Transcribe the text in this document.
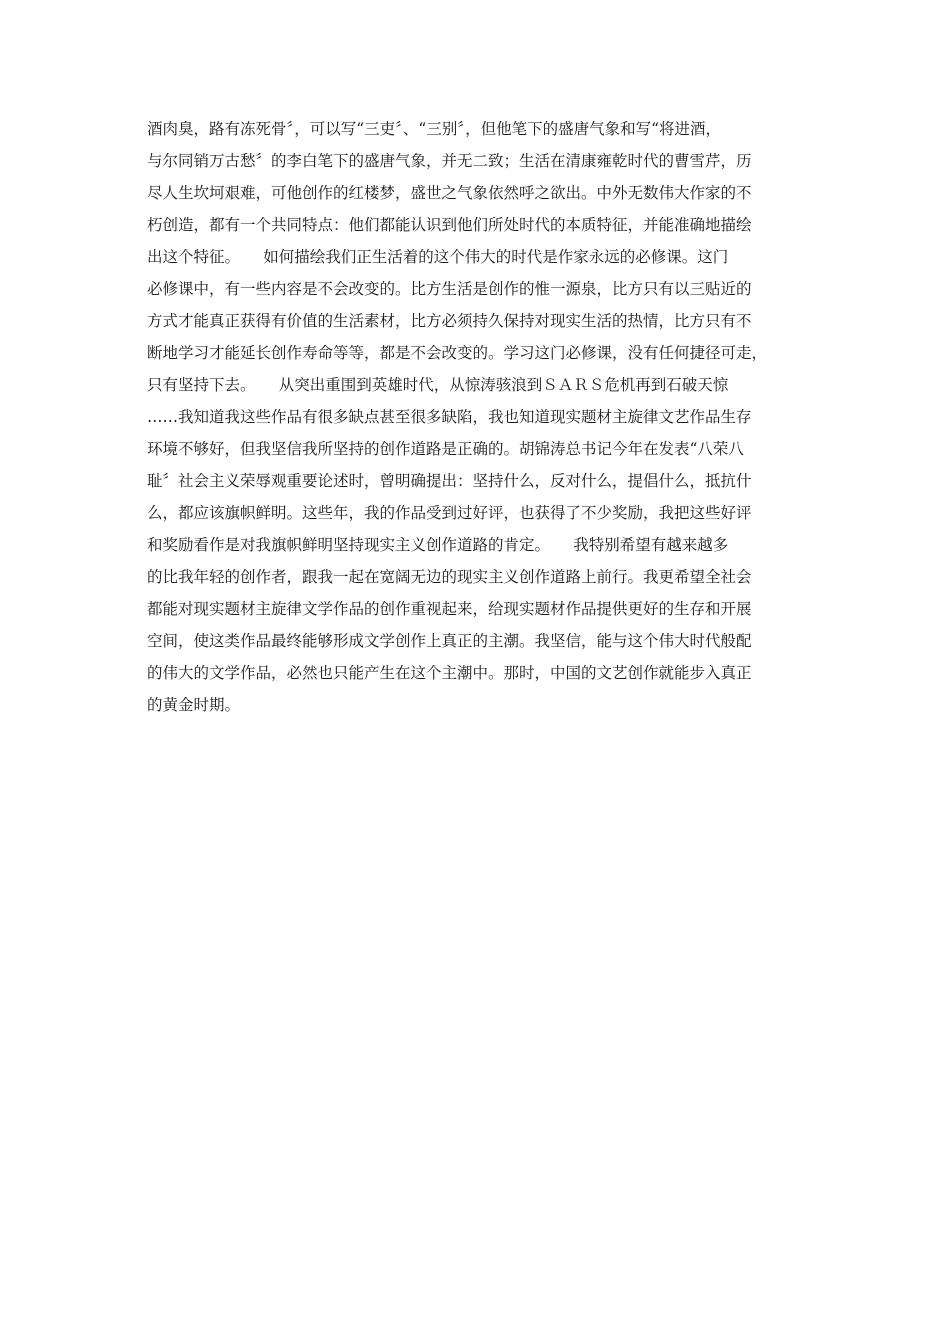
酒肉臭，路有冻死骨〞，可以写“三吏〞、“三别〞，但他笔下的盛唐气象和写“将进酒，
与尔同销万古愁〞的李白笔下的盛唐气象，并无二致；生活在清康雍乾时代的曹雪芹，历
尽人生坎坷艰难，可他创作的红楼梦，盛世之气象依然呼之欲出。中外无数伟大作家的不
朽创造，都有一个共同特点：他们都能认识到他们所处时代的本质特征，并能准确地描绘
出这个特征。　　如何描绘我们正生活着的这个伟大的时代是作家永远的必修课。这门
必修课中，有一些内容是不会改变的。比方生活是创作的惟一源泉，比方只有以三贴近的
方式才能真正获得有价值的生活素材，比方必须持久保持对现实生活的热情，比方只有不
断地学习才能延长创作寿命等等，都是不会改变的。学习这门必修课，没有任何捷径可走，
只有坚持下去。　　从突出重围到英雄时代，从惊涛骇浪到ＳＡＲＳ危机再到石破天惊
……我知道我这些作品有很多缺点甚至很多缺陷，我也知道现实题材主旋律文艺作品生存
环境不够好，但我坚信我所坚持的创作道路是正确的。胡锦涛总书记今年在发表“八荣八
耻〞社会主义荣辱观重要论述时，曾明确提出：坚持什么，反对什么，提倡什么，抵抗什
么，都应该旗帜鲜明。这些年，我的作品受到过好评，也获得了不少奖励，我把这些好评
和奖励看作是对我旗帜鲜明坚持现实主义创作道路的肯定。　　我特别希望有越来越多
的比我年轻的创作者，跟我一起在宽阔无边的现实主义创作道路上前行。我更希望全社会
都能对现实题材主旋律文学作品的创作重视起来，给现实题材作品提供更好的生存和开展
空间，使这类作品最终能够形成文学创作上真正的主潮。我坚信，能与这个伟大时代般配
的伟大的文学作品，必然也只能产生在这个主潮中。那时，中国的文艺创作就能步入真正
的黄金时期。
